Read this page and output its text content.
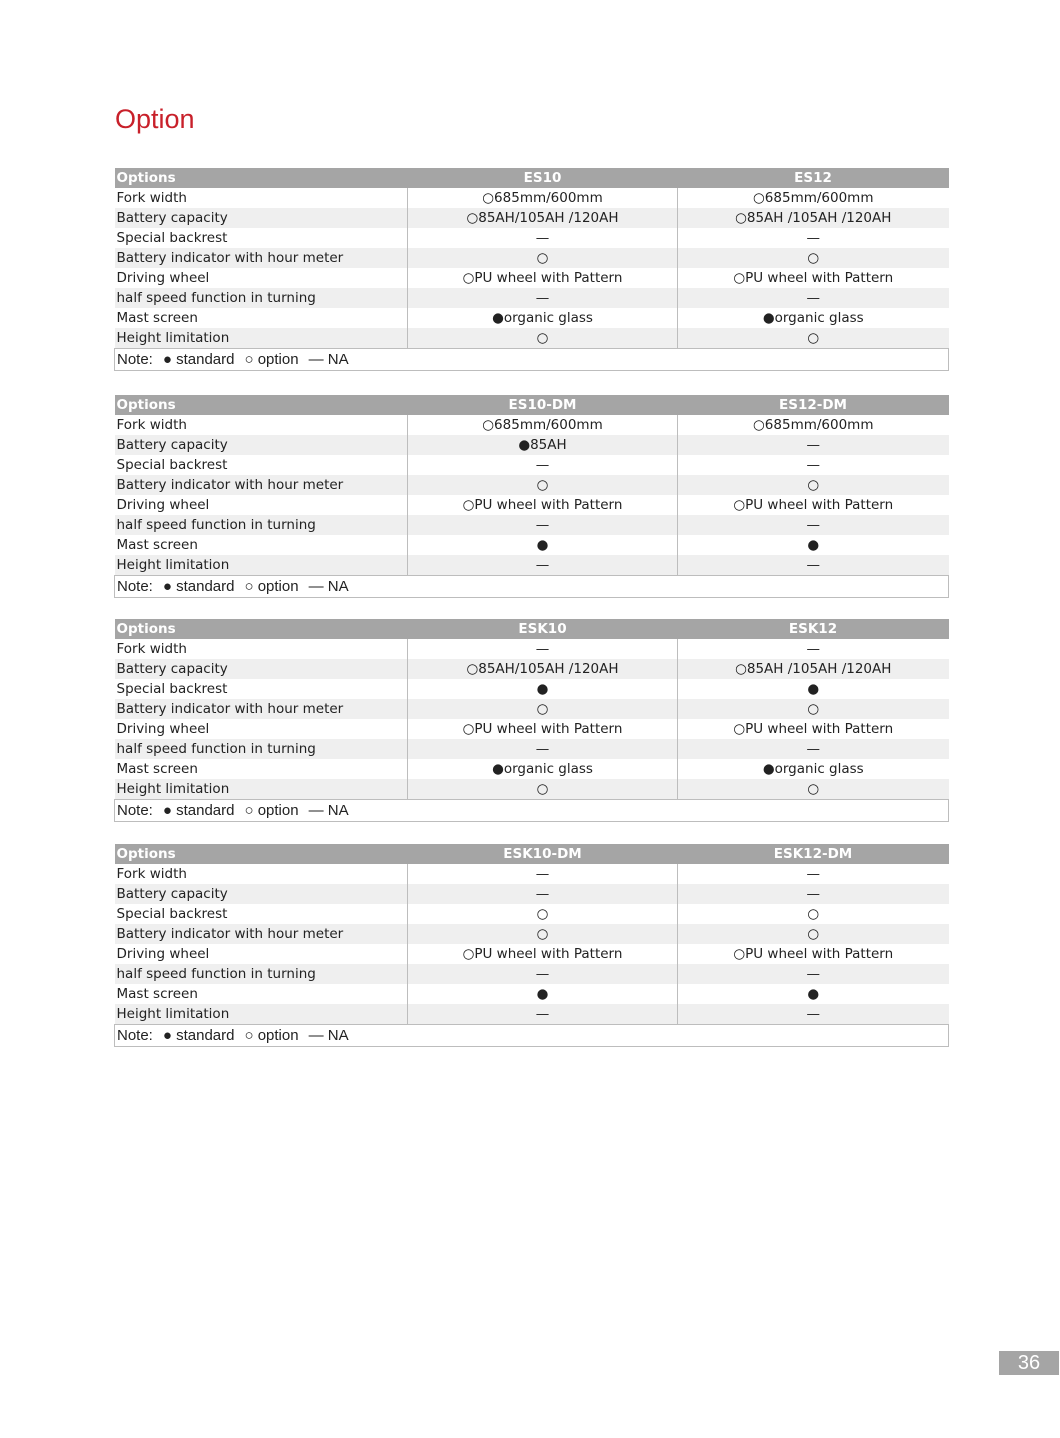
Option
Options	ES10	ES12
Fork width	○685mm/600mm	○685mm/600mm
Battery capacity	○85AH/105AH /120AH	○85AH /105AH /120AH
Special backrest	—	—
Battery indicator with hour meter	○	○
Driving wheel	○PU wheel with Pattern	○PU wheel with Pattern
half speed function in turning	—	—
Mast screen	●organic glass	●organic glass
Height limitation	○	○
Note: ● standard ○ option — NA		
Options	ES10-DM	ES12-DM
Fork width	○685mm/600mm	○685mm/600mm
Battery capacity	●85AH	—
Special backrest	—	—
Battery indicator with hour meter	○	○
Driving wheel	○PU wheel with Pattern	○PU wheel with Pattern
half speed function in turning	—	—
Mast screen	●	●
Height limitation	—	—
Note: ● standard ○ option — NA		
Options	ESK10	ESK12
Fork width	—	—
Battery capacity	○85AH/105AH /120AH	○85AH /105AH /120AH
Special backrest	●	●
Battery indicator with hour meter	○	○
Driving wheel	○PU wheel with Pattern	○PU wheel with Pattern
half speed function in turning	—	—
Mast screen	●organic glass	●organic glass
Height limitation	○	○
Note: ● standard ○ option — NA		
Options	ESK10-DM	ESK12-DM
Fork width	—	—
Battery capacity	—	—
Special backrest	○	○
Battery indicator with hour meter	○	○
Driving wheel	○PU wheel with Pattern	○PU wheel with Pattern
half speed function in turning	—	—
Mast screen	●	●
Height limitation	—	—
Note: ● standard ○ option — NA		
36
